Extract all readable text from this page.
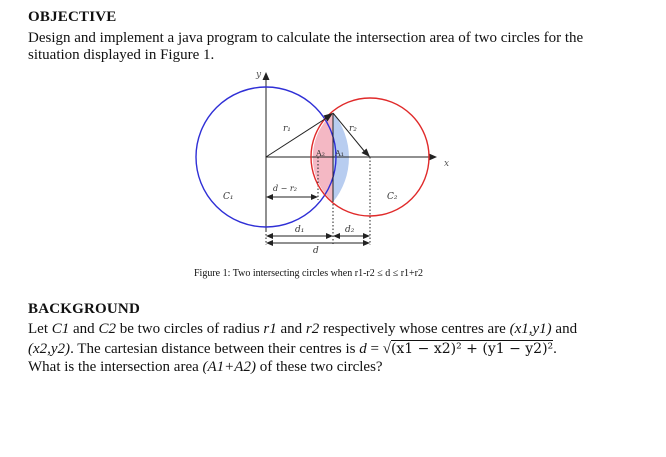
OBJECTIVE
Design and implement a java program to calculate the intersection area of two circles for the
situation displayed in Figure 1.
y
x
r₁	r₂
A₂ A₁
C₁	C₂
d − r₂
d₁	d₂
d
Figure 1: Two intersecting circles when r1-r2 ≤ d ≤ r1+r2
BACKGROUND
Let C1 and C2 be two circles of radius r1 and r2 respectively whose centres are (x1,y1) and
(x2,y2). The cartesian distance between their centres is d = √(x1 − x2)² + (y1 − y2)².
What is the intersection area (A1+A2) of these two circles?
